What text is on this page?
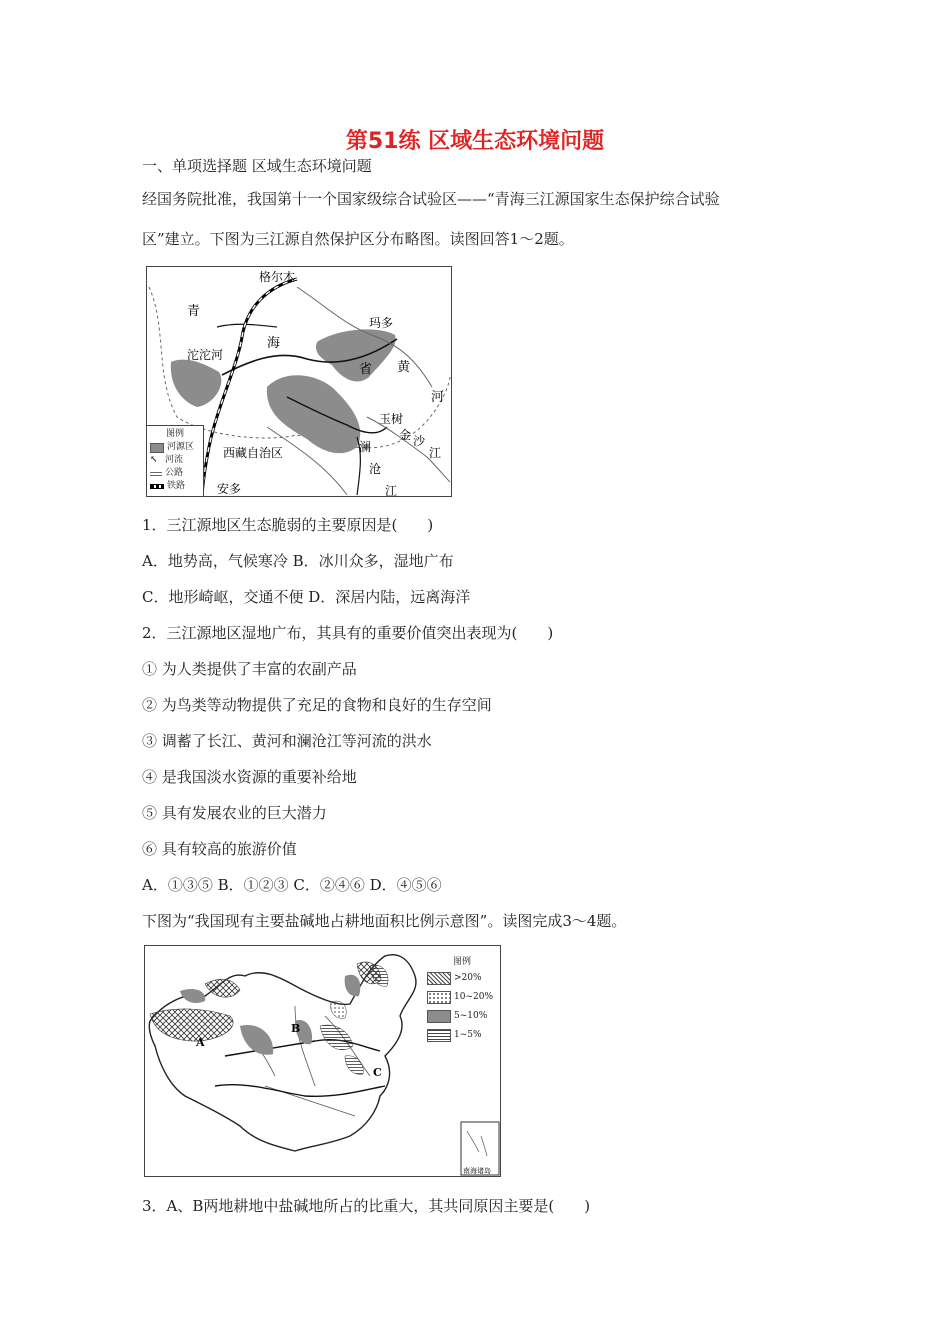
第51练 区域生态环境问题
一、单项选择题 区域生态环境问题
经国务院批准，我国第十一个国家级综合试验区——“青海三江源国家生态保护综合试验
区”建立。下图为三江源自然保护区分布略图。读图回答1～2题。
格尔木
青
沱沱河
海
玛多
省 黄
河
玉树
金 沙
江
澜
沧
江
西藏自治区
安多
图例
河源区
↖ 河流
公路
铁路
1．三江源地区生态脆弱的主要原因是(　　)
A．地势高，气候寒冷 B．冰川众多，湿地广布
C．地形崎岖，交通不便 D．深居内陆，远离海洋
2．三江源地区湿地广布，其具有的重要价值突出表现为(　　)
① 为人类提供了丰富的农副产品
② 为鸟类等动物提供了充足的食物和良好的生存空间
③ 调蓄了长江、黄河和澜沧江等河流的洪水
④ 是我国淡水资源的重要补给地
⑤ 具有发展农业的巨大潜力
⑥ 具有较高的旅游价值
A．①③⑤ B．①②③ C．②④⑥ D．④⑤⑥
下图为“我国现有主要盐碱地占耕地面积比例示意图”。读图完成3～4题。
A
B
C
南海诸岛
图例
>20%
10~20%
5~10%
1~5%
3．A、B两地耕地中盐碱地所占的比重大，其共同原因主要是(　　)
